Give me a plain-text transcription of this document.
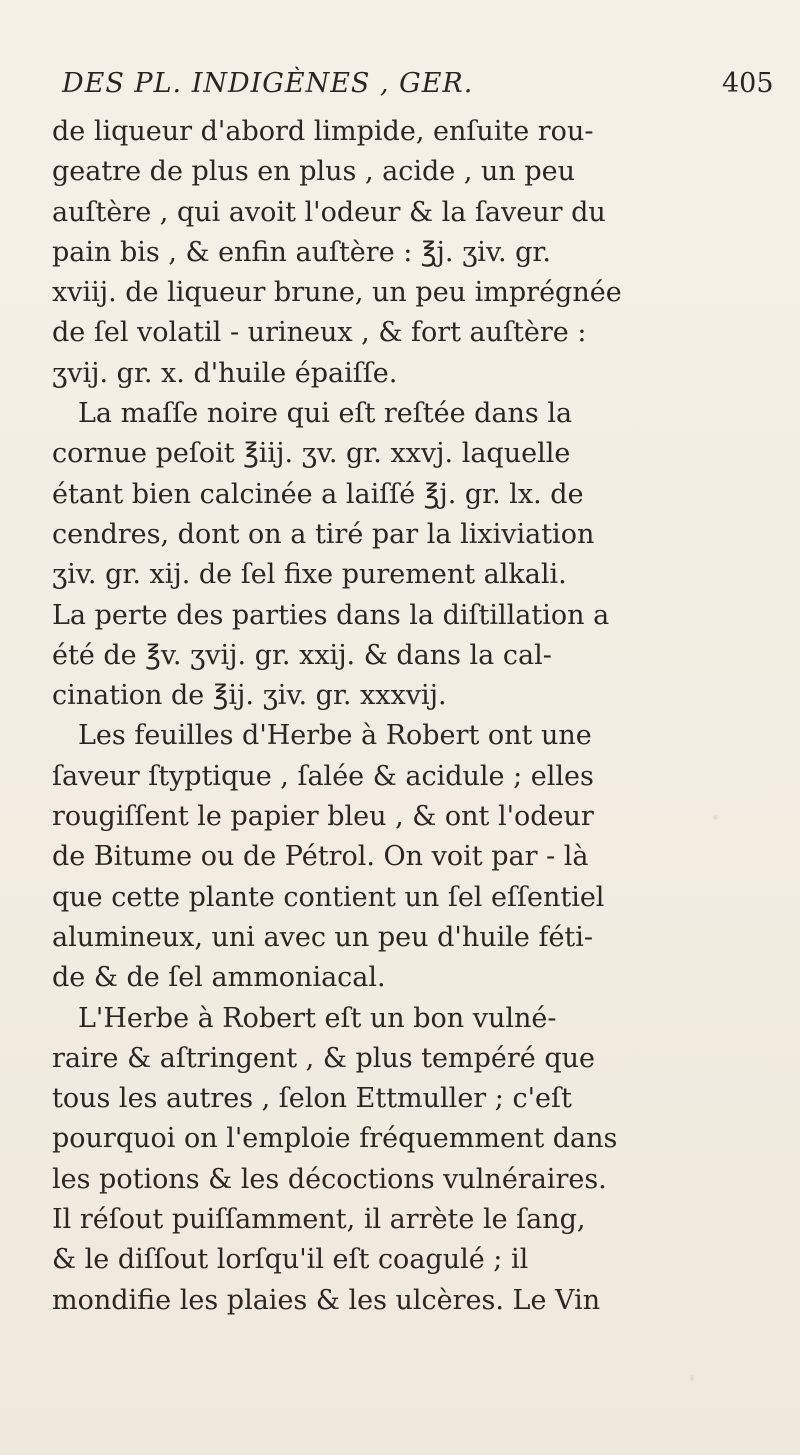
DES PL. INDIGÈNES , GER.	405
de liqueur d'abord limpide, enſuite rou-
geatre de plus en plus , acide , un peu
auſtère , qui avoit l'odeur & la ſaveur du
pain bis , & enfin auſtère : ℥j. ʒiv. gr.
xviij. de liqueur brune, un peu imprégnée
de ſel volatil - urineux , & fort auſtère :
ʒvij. gr. x. d'huile épaiſſe.
La maſſe noire qui eſt reſtée dans la
cornue peſoit ℥iij. ʒv. gr. xxvj. laquelle
étant bien calcinée a laiſſé ℥j. gr. lx. de
cendres, dont on a tiré par la lixiviation
ʒiv. gr. xij. de ſel fixe purement alkali.
La perte des parties dans la diſtillation a
été de ℥v. ʒvij. gr. xxij. & dans la cal-
cination de ℥ij. ʒiv. gr. xxxvij.
Les feuilles d'Herbe à Robert ont une
ſaveur ſtyptique , ſalée & acidule ; elles
rougiſſent le papier bleu , & ont l'odeur
de Bitume ou de Pétrol. On voit par - là
que cette plante contient un ſel eſſentiel
alumineux, uni avec un peu d'huile féti-
de & de ſel ammoniacal.
L'Herbe à Robert eſt un bon vulné-
raire & aſtringent , & plus tempéré que
tous les autres , ſelon Ettmuller ; c'eſt
pourquoi on l'emploie fréquemment dans
les potions & les décoctions vulnéraires.
Il réſout puiſſamment, il arrète le ſang,
& le diſſout lorſqu'il eſt coagulé ; il
mondifie les plaies & les ulcères. Le Vin
